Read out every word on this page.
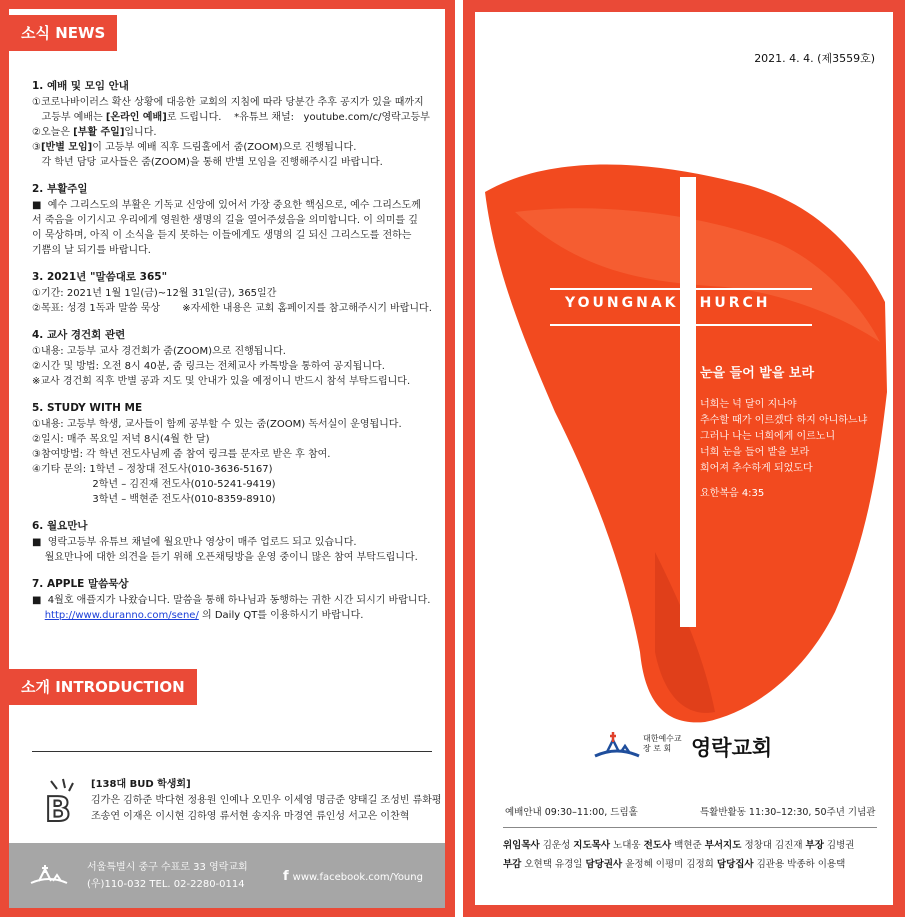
소식 NEWS
1. 예배 및 모임 안내
①코로나바이러스 확산 상황에 대응한 교회의 지침에 따라 당분간 추후 공지가 있을 때까지
고등부 예배는 [온라인 예배]로 드립니다.    *유튜브 채널:   youtube.com/c/영락고등부
②오늘은 [부활 주일]입니다.
③[반별 모임]이 고등부 예배 직후 드림홀에서 줌(ZOOM)으로 진행됩니다.
각 학년 담당 교사들은 줌(ZOOM)을 통해 반별 모임을 진행해주시길 바랍니다.
2. 부활주일
■  예수 그리스도의 부활은 기독교 신앙에 있어서 가장 중요한 핵심으로, 예수 그리스도께
서 죽음을 이기시고 우리에게 영원한 생명의 길을 열어주셨음을 의미합니다. 이 의미를 깊
이 묵상하며, 아직 이 소식을 듣지 못하는 이들에게도 생명의 길 되신 그리스도를 전하는
기쁨의 날 되기를 바랍니다.
3. 2021년 "말씀대로 365"
①기간: 2021년 1월 1일(금)~12월 31일(금), 365일간
②목표: 성경 1독과 말씀 묵상       ※자세한 내용은 교회 홈페이지를 참고해주시기 바랍니다.
4. 교사 경건회 관련
①내용: 고등부 교사 경건회가 줌(ZOOM)으로 진행됩니다.
②시간 및 방법: 오전 8시 40분, 줌 링크는 전체교사 카톡방을 통하여 공지됩니다.
※교사 경건회 직후 반별 공과 지도 및 안내가 있을 예정이니 반드시 참석 부탁드립니다.
5. STUDY WITH ME
①내용: 고등부 학생, 교사들이 함께 공부할 수 있는 줌(ZOOM) 독서실이 운영됩니다.
②일시: 매주 목요일 저녁 8시(4월 한 달)
③참여방법: 각 학년 전도사님께 줌 참여 링크를 문자로 받은 후 참여.
④기타 문의: 1학년 – 정창대 전도사(010-3636-5167)
2학년 – 김진재 전도사(010-5241-9419)
3학년 – 백현준 전도사(010-8359-8910)
6. 월요만나
■  영락고등부 유튜브 채널에 월요만나 영상이 매주 업로드 되고 있습니다.
월요만나에 대한 의견을 듣기 위해 오픈채팅방을 운영 중이니 많은 참여 부탁드립니다.
7. APPLE 말씀묵상
■  4월호 애플지가 나왔습니다. 말씀을 통해 하나님과 동행하는 귀한 시간 되시기 바랍니다.
http://www.duranno.com/sene/ 의 Daily QT를 이용하시기 바랍니다.
소개 INTRODUCTION
B
[138대 BUD 학생회]
김가은 김하준 박다현 정용원 인예나 오민우 이세영 명금준 양태길 조성빈 류화평
조송연 이재은 이시현 김하영 류서현 송지유 마경연 류인성 서고은 이찬혁
서울특별시 중구 수표로 33 영락교회
(우)110-032 TEL. 02-2280-0114
f www.facebook.com/Young
2021. 4. 4. (제3559호)
YOUNGNAK CHURCH
눈을 들어 밭을 보라
너희는 넉 달이 지나야
추수할 때가 이르겠다 하지 아니하느냐
그러나 나는 너희에게 이르노니
너희 눈을 들어 밭을 보라
희어져 추수하게 되었도다
요한복음 4:35
대한예수교
장 로 회 영락교회
예배안내 09:30–11:00, 드림홀	특활반활동 11:30–12:30, 50주년 기념관
위임목사 김운성 지도목사 노대웅 전도사 백현준 부서지도 정창대 김진재 부장 김병권
부감 오현택 유경일 담당권사 윤정혜 이평미 김정희 담당집사 김관용 박종하 이용택
